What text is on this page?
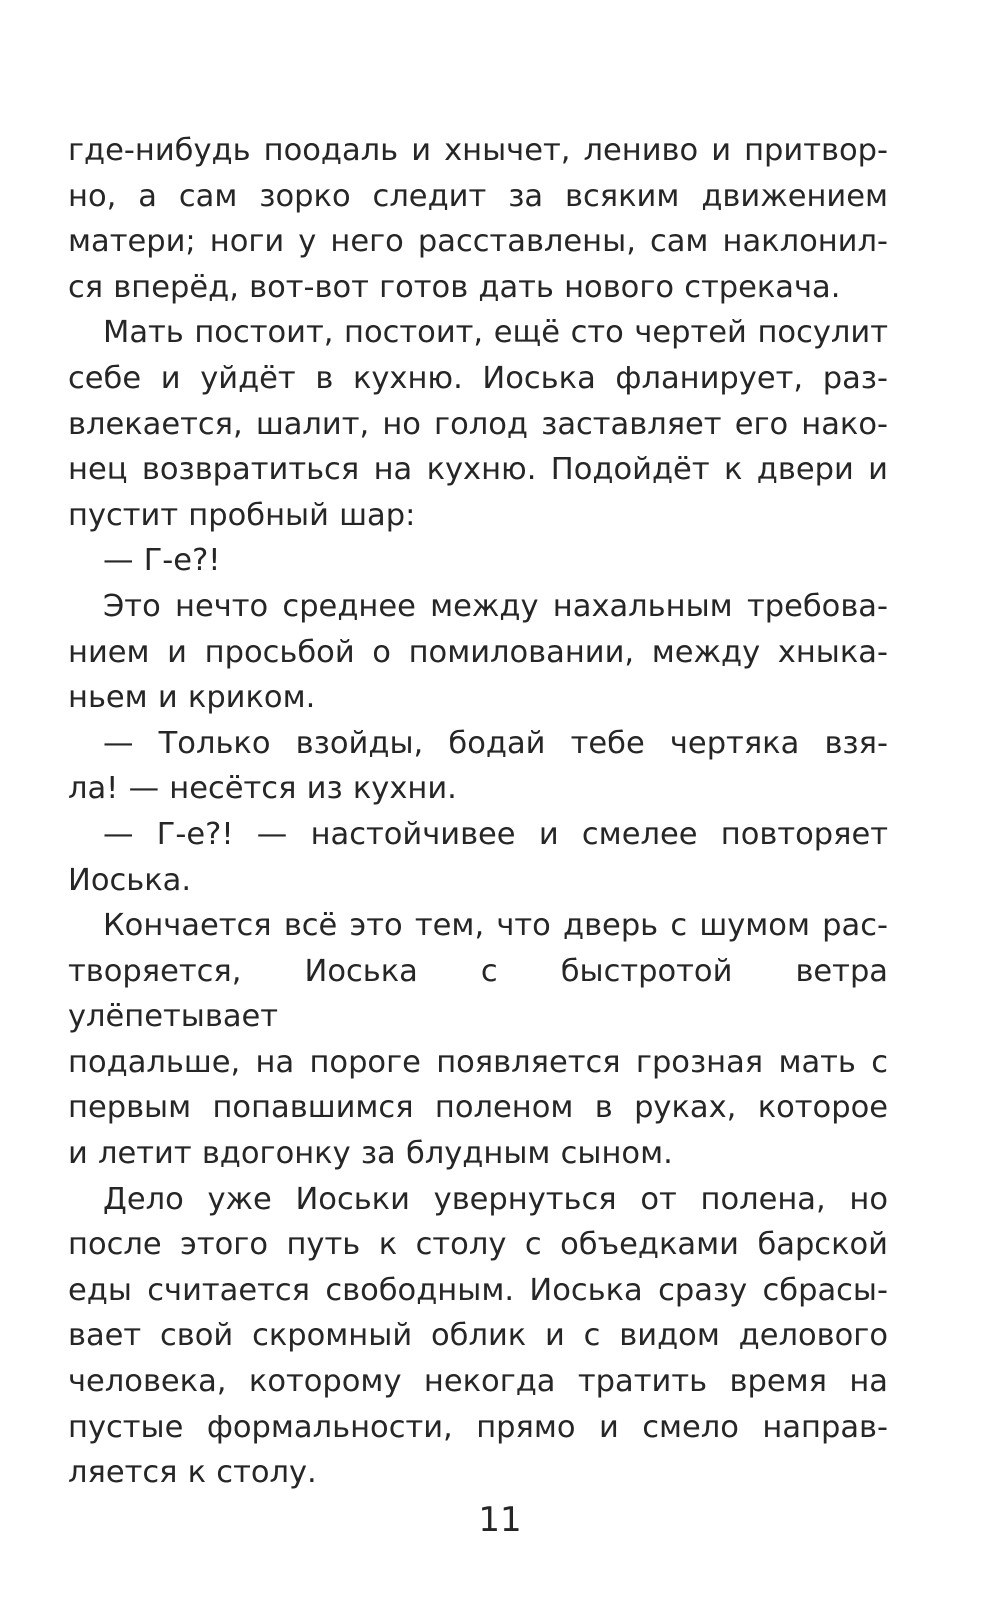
где-нибудь поодаль и хнычет, лениво и притвор-

но, а сам зорко следит за всяким движением

матери; ноги у него расставлены, сам наклонил-

ся вперёд, вот-вот готов дать нового стрекача.

Мать постоит, постоит, ещё сто чертей посулит

себе и уйдёт в кухню. Иоська фланирует, раз-

влекается, шалит, но голод заставляет его нако-

нец возвратиться на кухню. Подойдёт к двери и

пустит пробный шар:

— Г-е?!

Это нечто среднее между нахальным требова-

нием и просьбой о помиловании, между хныка-

ньем и криком.

— Только взойды, бодай тебе чертяка взя-

ла! — несётся из кухни.

— Г-е?! — настойчивее и смелее повторяет

Иоська.

Кончается всё это тем, что дверь с шумом рас-

творяется, Иоська с быстротой ветра улёпетывает

подальше, на пороге появляется грозная мать с

первым попавшимся поленом в руках, которое

и летит вдогонку за блудным сыном.

Дело уже Иоськи увернуться от полена, но

после этого путь к столу с объедками барской

еды считается свободным. Иоська сразу сбрасы-

вает свой скромный облик и с видом делового

человека, которому некогда тратить время на

пустые формальности, прямо и смело направ-

ляется к столу.

11
